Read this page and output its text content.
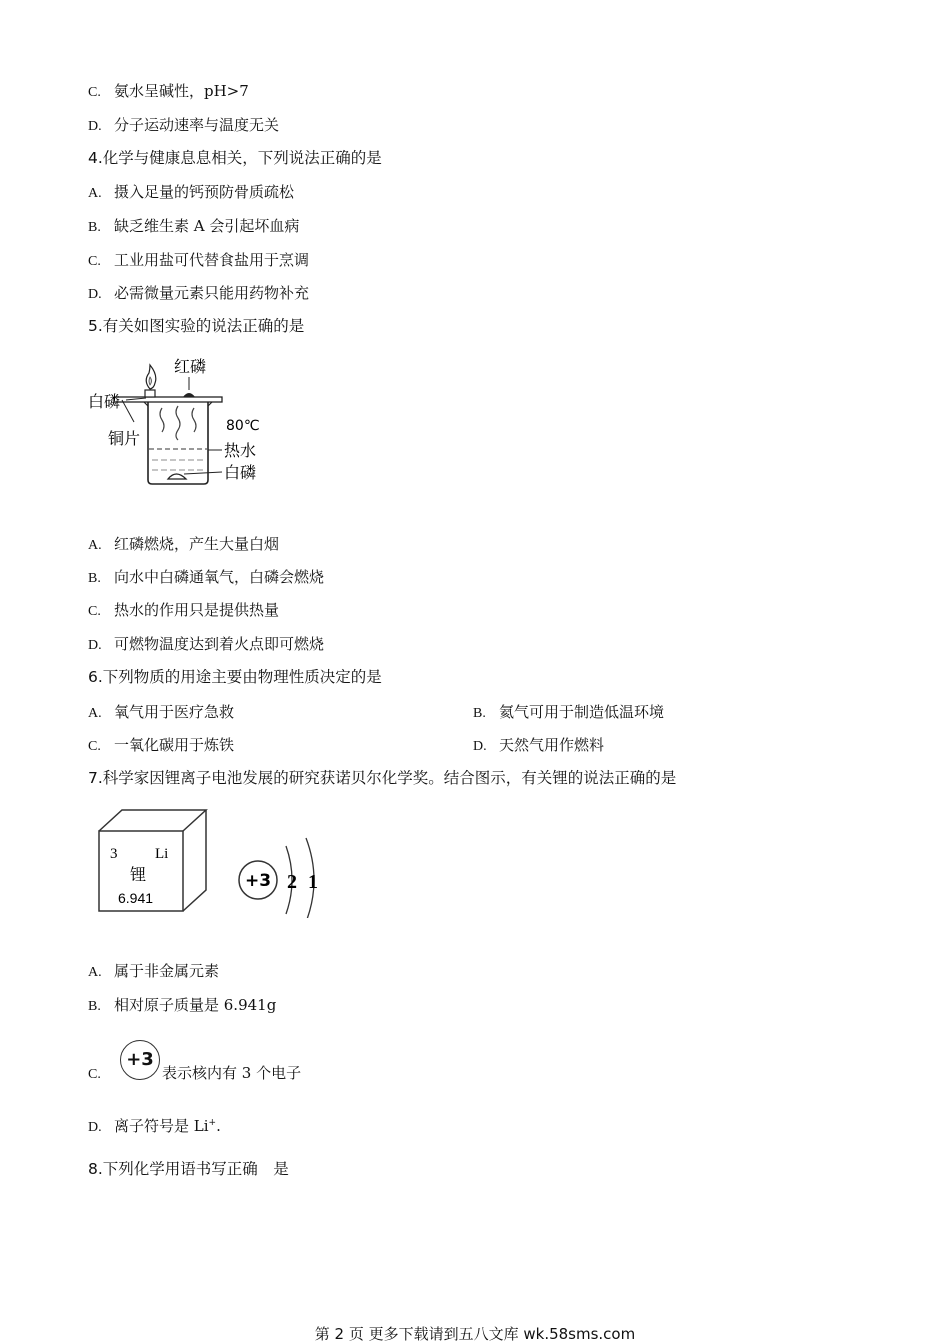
C. 氨水呈碱性，pH>7
D. 分子运动速率与温度无关
4.化学与健康息息相关，下列说法正确的是
A. 摄入足量的钙预防骨质疏松
B. 缺乏维生素 A 会引起坏血病
C. 工业用盐可代替食盐用于烹调
D. 必需微量元素只能用药物补充
5.有关如图实验的说法正确的是
红磷
白磷
铜片
80℃
热水
白磷
A. 红磷燃烧，产生大量白烟
B. 向水中白磷通氧气，白磷会燃烧
C. 热水的作用只是提供热量
D. 可燃物温度达到着火点即可燃烧
6.下列物质的用途主要由物理性质决定的是
A. 氧气用于医疗急救	B. 氦气可用于制造低温环境
C. 一氧化碳用于炼铁	D. 天然气用作燃料
7.科学家因锂离子电池发展的研究获诺贝尔化学奖。结合图示，有关锂的说法正确的是
3	Li
锂
6.941
+3 2 1
A. 属于非金属元素
B. 相对原子质量是 6.941g
C.+3表示核内有 3 个电子
D. 离子符号是 Li+.
8.下列化学用语书写正确　是
第 2 页 更多下载请到五八文库 wk.58sms.com
